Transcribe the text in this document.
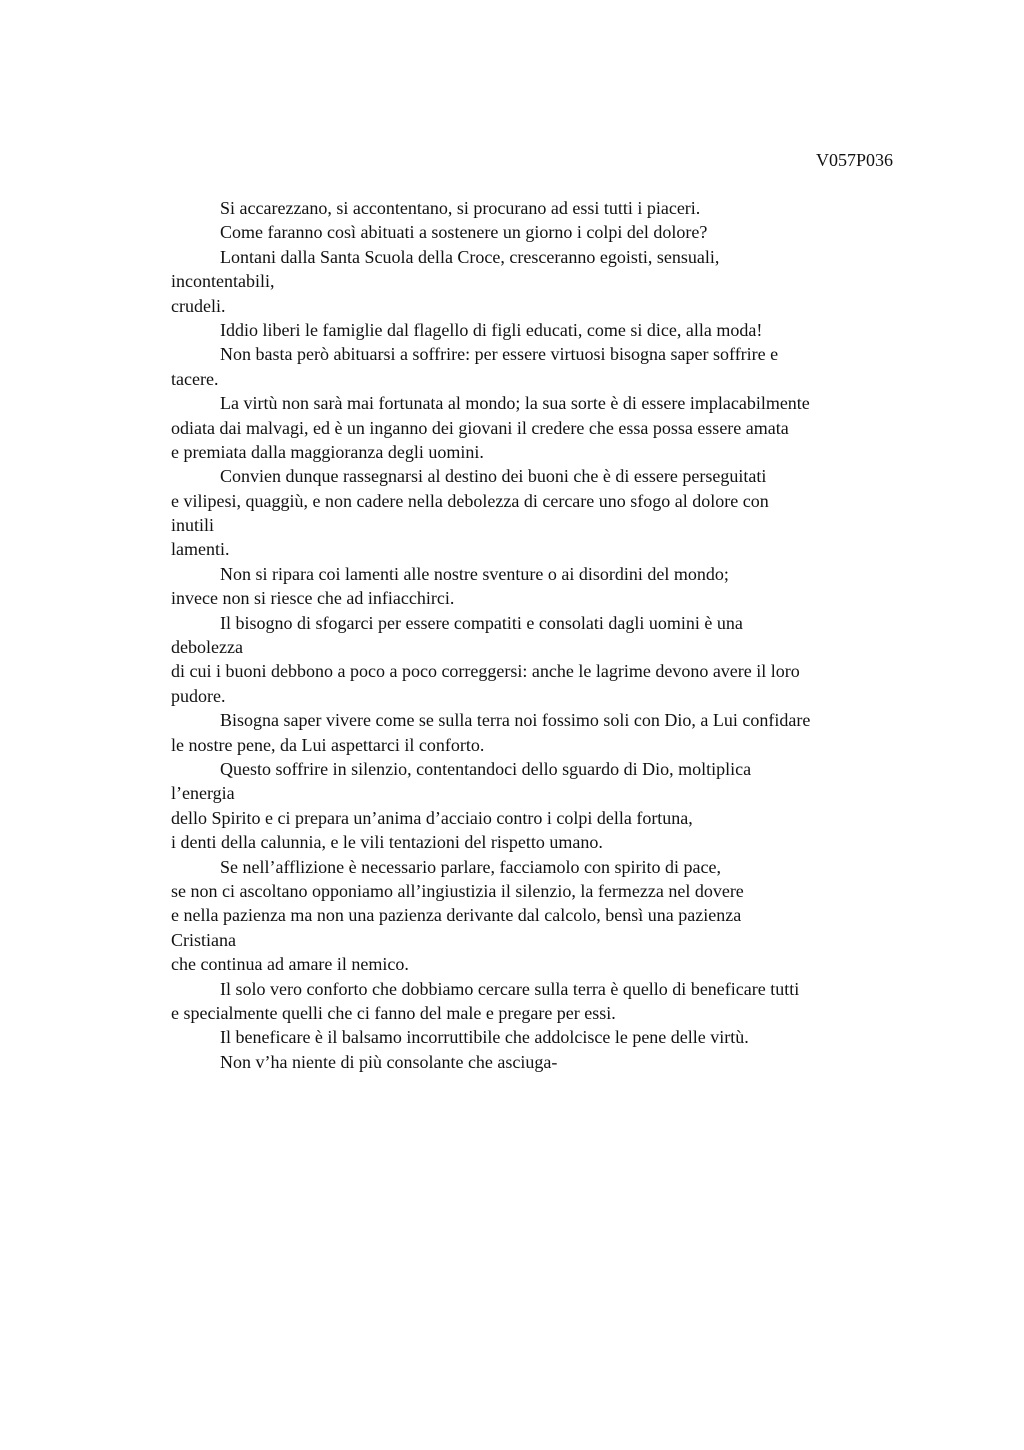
V057P036

Si accarezzano, si accontentano, si procurano ad essi tutti i piaceri.
Come faranno così abituati a sostenere un giorno i colpi del dolore?
Lontani dalla Santa Scuola della Croce, cresceranno egoisti, sensuali,
incontentabili,
crudeli.
Iddio liberi le famiglie dal flagello di figli educati, come si dice, alla moda!
Non basta però abituarsi a soffrire: per essere virtuosi bisogna saper soffrire e
tacere.
La virtù non sarà mai fortunata al mondo; la sua sorte è di essere implacabilmente
odiata dai malvagi, ed è un inganno dei giovani il credere che essa possa essere amata
e premiata dalla maggioranza degli uomini.
Convien dunque rassegnarsi al destino dei buoni che è di essere perseguitati
e vilipesi, quaggiù, e non cadere nella debolezza di cercare uno sfogo al dolore con
inutili
lamenti.
Non si ripara coi lamenti alle nostre sventure o ai disordini del mondo;
invece non si riesce che ad infiacchirci.
Il bisogno di sfogarci per essere compatiti e consolati dagli uomini è una
debolezza
di cui i buoni debbono a poco a poco correggersi: anche le lagrime devono avere il loro
pudore.
Bisogna saper vivere come se sulla terra noi fossimo soli con Dio, a Lui confidare
le nostre pene, da Lui aspettarci il conforto.
Questo soffrire in silenzio, contentandoci dello sguardo di Dio, moltiplica
l’energia
dello Spirito e ci prepara un’anima d’acciaio contro i colpi della fortuna,
i denti della calunnia, e le vili tentazioni del rispetto umano.
Se nell’afflizione è necessario parlare, facciamolo con spirito di pace,
se non ci ascoltano opponiamo all’ingiustizia il silenzio, la fermezza nel dovere
e nella pazienza ma non una pazienza derivante dal calcolo, bensì una pazienza
Cristiana
che continua ad amare il nemico.
Il solo vero conforto che dobbiamo cercare sulla terra è quello di beneficare tutti
e specialmente quelli che ci fanno del male e pregare per essi.
Il beneficare è il balsamo incorruttibile che addolcisce le pene delle virtù.
Non v’ha niente di più consolante che asciuga-
